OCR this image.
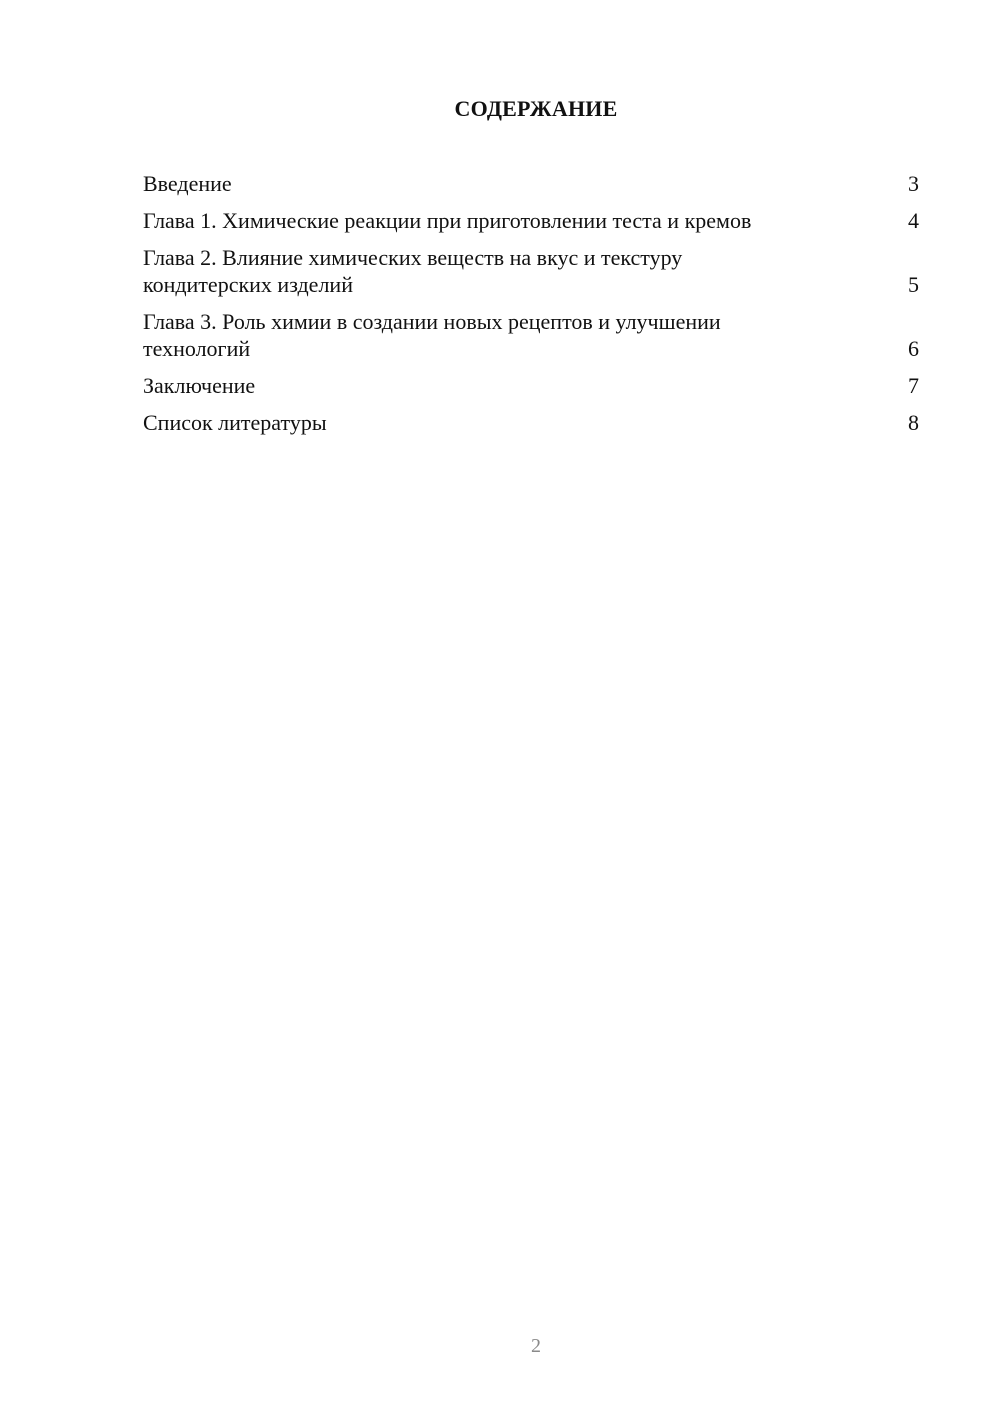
СОДЕРЖАНИЕ
Введение	3
Глава 1. Химические реакции при приготовлении теста и кремов	4
Глава 2. Влияние химических веществ на вкус и текстуру кондитерских изделий	5
Глава 3. Роль химии в создании новых рецептов и улучшении технологий	6
Заключение	7
Список литературы	8
2
